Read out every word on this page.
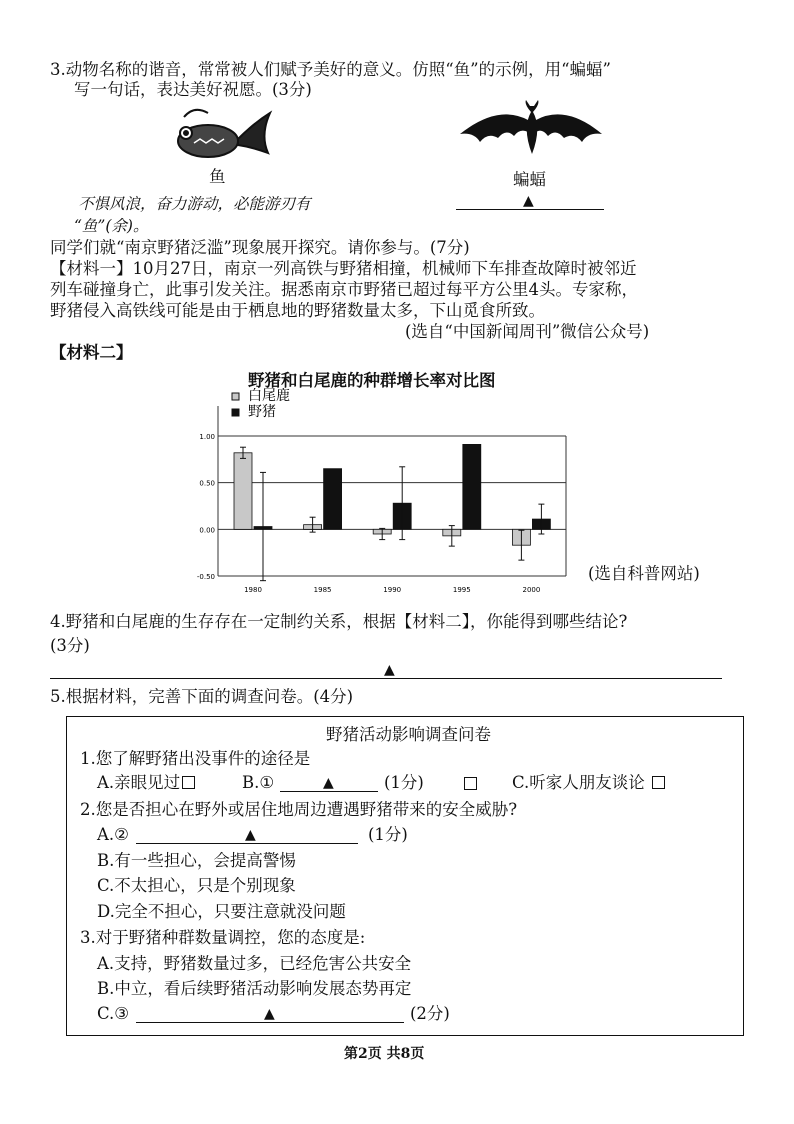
3.动物名称的谐音，常常被人们赋予美好的意义。仿照“鱼”的示例，用“蝙蝠”
写一句话，表达美好祝愿。(3分)
鱼
不惧风浪，奋力游动，必能游刃有
“鱼”(余)。
蝙蝠
▲
同学们就“南京野猪泛滥”现象展开探究。请你参与。(7分)
【材料一】10月27日，南京一列高铁与野猪相撞，机械师下车排查故障时被邻近
列车碰撞身亡，此事引发关注。据悉南京市野猪已超过每平方公里4头。专家称，
野猪侵入高铁线可能是由于栖息地的野猪数量太多，下山觅食所致。
(选自“中国新闻周刊”微信公众号)
【材料二】
野猪和白尾鹿的种群增长率对比图
1.00
0.50
0.00
-0.50
白尾鹿
野猪
1980	1985	1990	1995	2000
(选自科普网站)
4.野猪和白尾鹿的生存存在一定制约关系，根据【材料二】，你能得到哪些结论?
(3分)
▲
5.根据材料，完善下面的调查问卷。(4分)
野猪活动影响调查问卷
1.您了解野猪出没事件的途径是
A.亲眼见过	B.①	▲	(1分)	C.听家人朋友谈论
2.您是否担心在野外或居住地周边遭遇野猪带来的安全威胁?
A.②	▲	(1分)
B.有一些担心，会提高警惕
C.不太担心，只是个别现象
D.完全不担心，只要注意就没问题
3.对于野猪种群数量调控，您的态度是:
A.支持，野猪数量过多，已经危害公共安全
B.中立，看后续野猪活动影响发展态势再定
C.③	▲	(2分)
第2页 共8页
